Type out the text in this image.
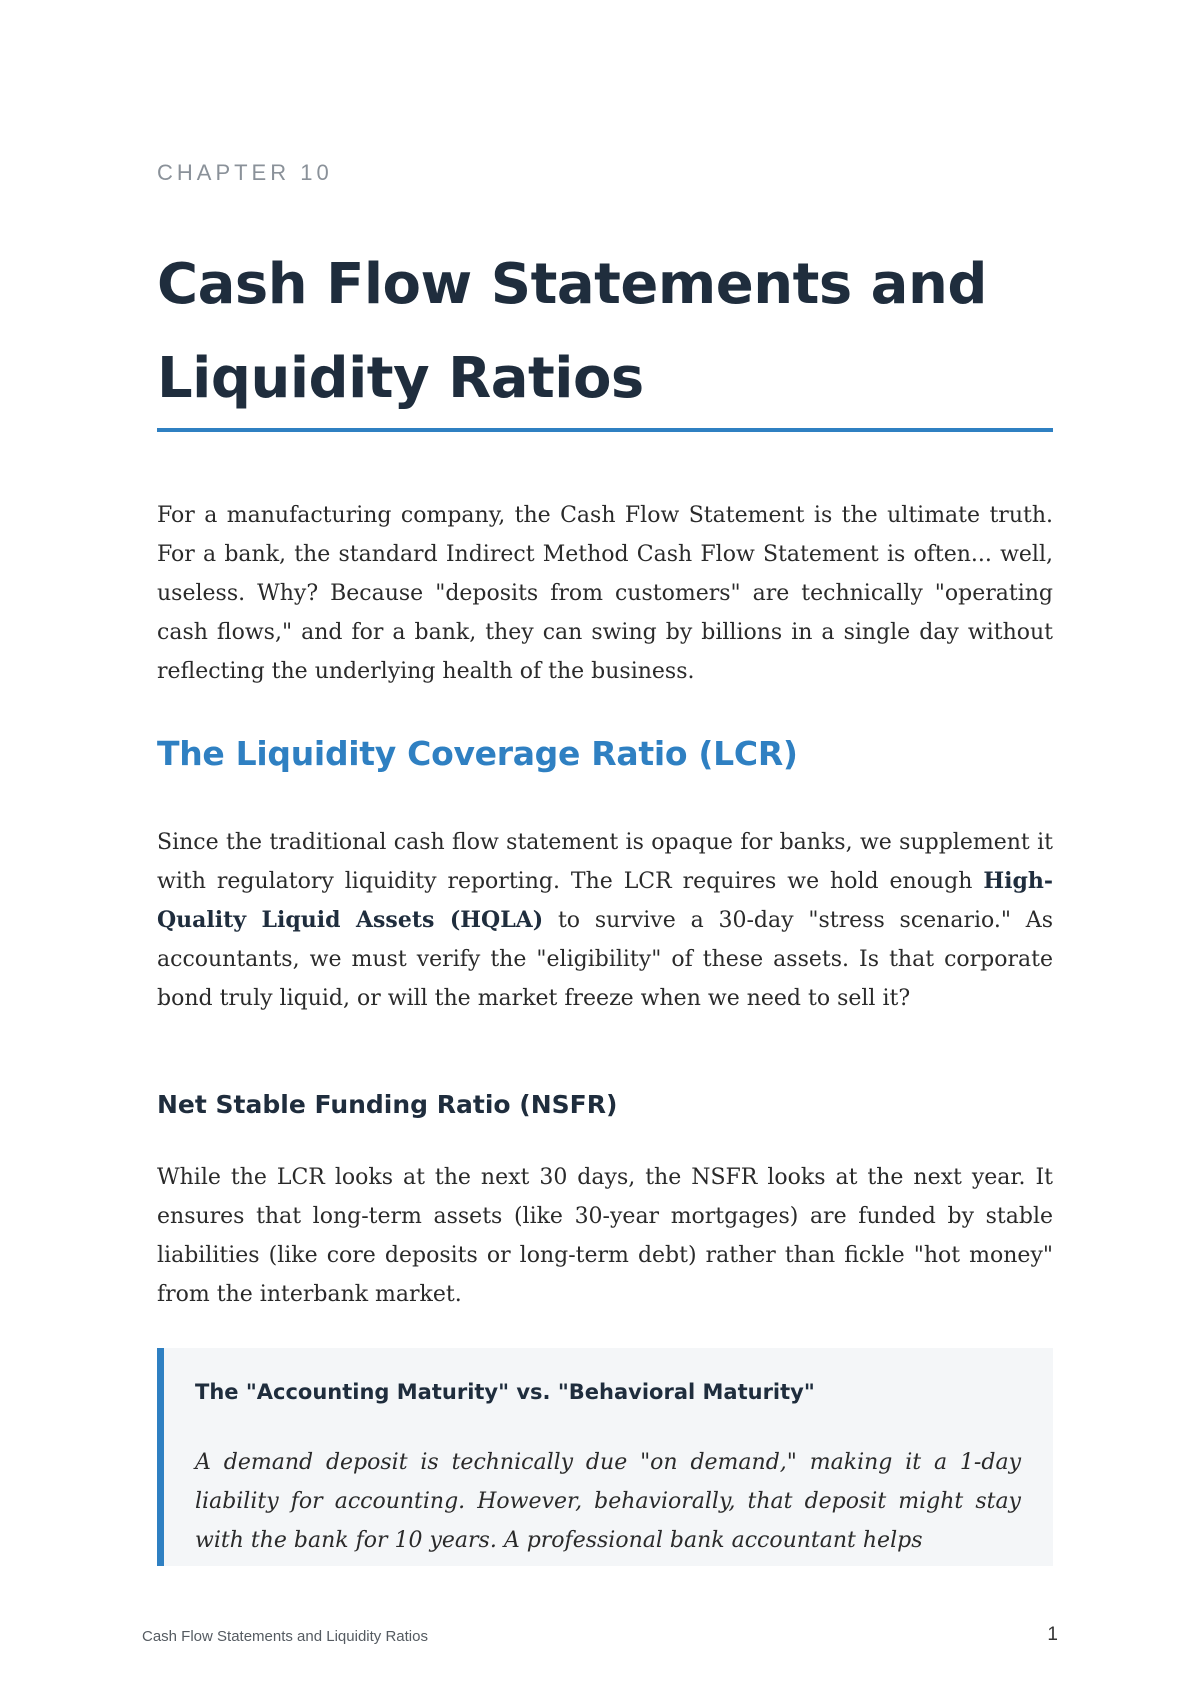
CHAPTER 10

Cash Flow Statements and Liquidity Ratios

For a manufacturing company, the Cash Flow Statement is the ultimate truth. For a bank, the standard Indirect Method Cash Flow Statement is often... well, useless. Why? Because "deposits from customers" are technically "operating cash flows," and for a bank, they can swing by billions in a single day without reflecting the underlying health of the business.

The Liquidity Coverage Ratio (LCR)

Since the traditional cash flow statement is opaque for banks, we supplement it with regulatory liquidity reporting. The LCR requires we hold enough High-Quality Liquid Assets (HQLA) to survive a 30-day "stress scenario." As accountants, we must verify the "eligibility" of these assets. Is that corporate bond truly liquid, or will the market freeze when we need to sell it?

Net Stable Funding Ratio (NSFR)

While the LCR looks at the next 30 days, the NSFR looks at the next year. It ensures that long-term assets (like 30-year mortgages) are funded by stable liabilities (like core deposits or long-term debt) rather than fickle "hot money" from the interbank market.

The "Accounting Maturity" vs. "Behavioral Maturity"

A demand deposit is technically due "on demand," making it a 1-day liability for accounting. However, behaviorally, that deposit might stay with the bank for 10 years. A professional bank accountant helps

Cash Flow Statements and Liquidity Ratios	1
